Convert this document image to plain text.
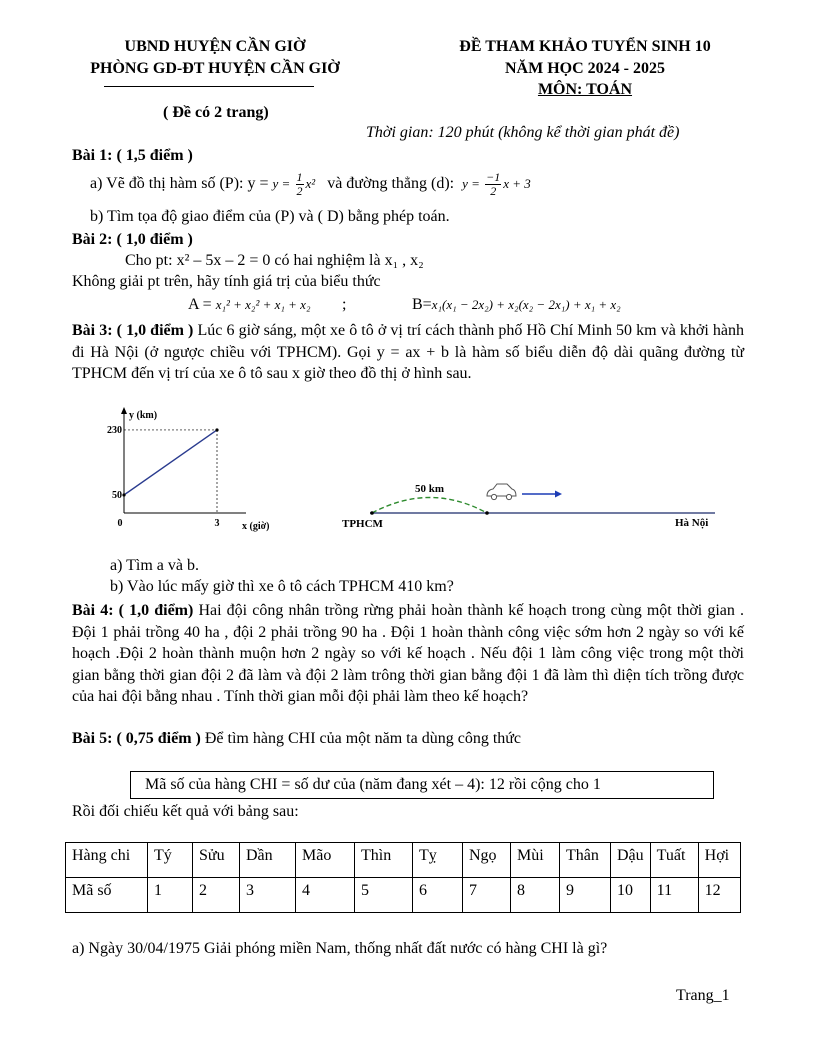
UBND HUYỆN CẦN GIỜ
PHÒNG GD-ĐT HUYỆN CẦN GIỜ
( Đề có 2 trang)
ĐỀ THAM KHẢO TUYỂN SINH 10
NĂM HỌC 2024 - 2025
MÔN: TOÁN
Thời gian: 120 phút (không kể thời gian phát đề)
Bài 1: ( 1,5 điểm )
a) Vẽ đồ thị hàm số (P): $y = y = \frac{1}{2} x^2$ và đường thẳng (d):  $y = \frac{-1}{2}$ x + 3
b) Tìm tọa độ giao điểm của (P) và ( D) bằng phép toán.
Bài 2: ( 1,0 điểm )
Cho pt: x² – 5x – 2 = 0 có hai nghiệm là x₁ , x₂
Không giải pt trên, hãy tính giá trị của biểu thức
A = x₁² + x₂² + x₁ + x₂ ;	B=x₁(x₁ − 2x₂) + x₂(x₂ − 2x₁) + x₁ + x₂
Bài 3: ( 1,0 điểm ) Lúc 6 giờ sáng, một xe ô tô ở vị trí cách thành phố Hồ Chí Minh 50 km và khởi hành đi Hà Nội (ở ngược chiều với TPHCM). Gọi y = ax + b là hàm số biểu diễn độ dài quãng đường từ TPHCM đến vị trí của xe ô tô sau x giờ theo đồ thị ở hình sau.
y (km)
x (giờ)
50
230
0	3
50 km
TPHCM	Hà Nội
a) Tìm a và b.
b) Vào lúc mấy giờ thì xe ô tô cách TPHCM 410 km?
Bài 4: ( 1,0 điểm) Hai đội công nhân trồng rừng phải hoàn thành kế hoạch trong cùng một thời gian . Đội 1 phải trồng 40 ha , đội 2 phải trồng 90 ha . Đội 1 hoàn thành công việc sớm hơn 2 ngày so với kế hoạch .Đội 2 hoàn thành muộn hơn 2 ngày so với kế hoạch . Nếu đội 1 làm công việc trong một thời gian bằng thời gian đội 2 đã làm và đội 2 làm trông thời gian bằng đội 1 đã làm thì diện tích trồng được của hai đội bằng nhau . Tính thời gian mỗi đội phải làm theo kế hoạch?
Bài 5: ( 0,75 điểm ) Để tìm hàng CHI của một năm ta dùng công thức
Mã số của hàng CHI = số dư của (năm đang xét – 4): 12 rồi cộng cho 1
Rồi đối chiếu kết quả với bảng sau:
Hàng chi	Tý	Sửu	Dần	Mão	Thìn	Tỵ	Ngọ	Mùi	Thân	Dậu	Tuất	Hợi
Mã số	1	2	3	4	5	6	7	8	9	10	11	12
a) Ngày 30/04/1975 Giải phóng miền Nam, thống nhất đất nước có hàng CHI là gì?
Trang_1
